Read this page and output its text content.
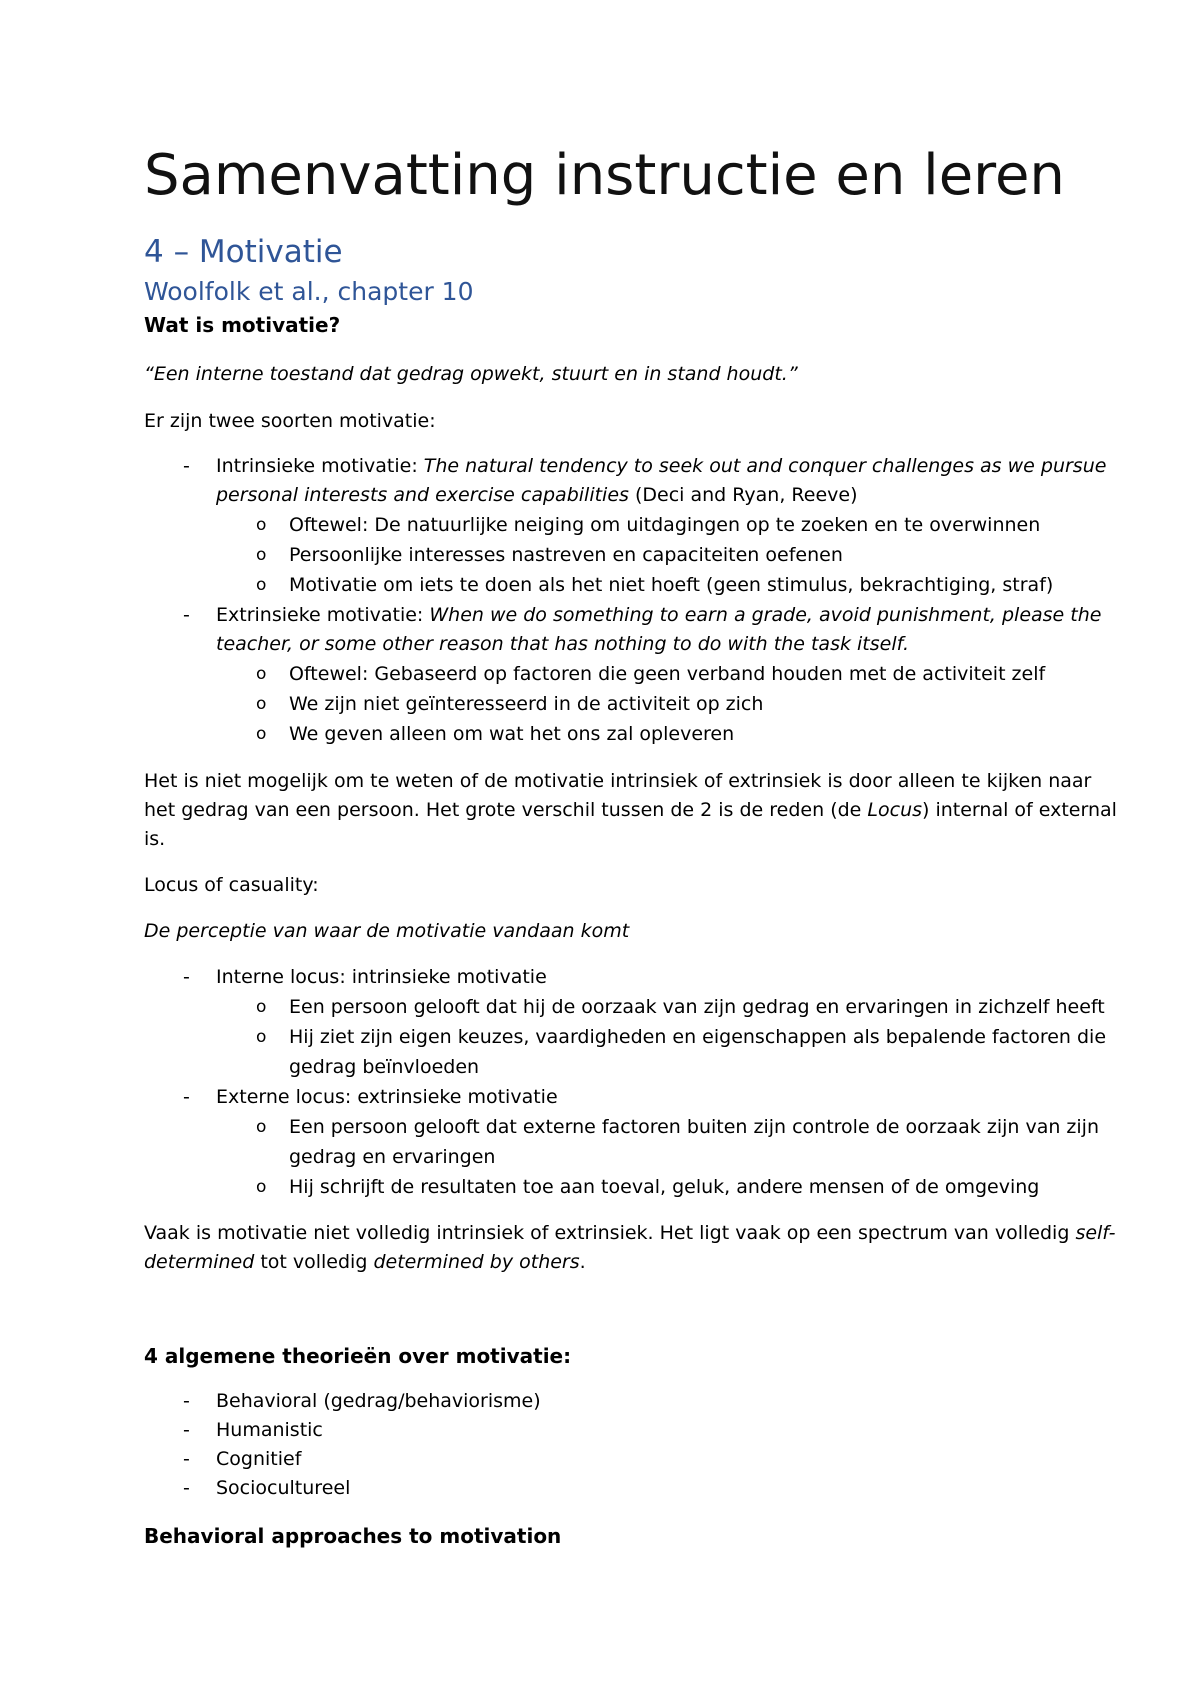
Samenvatting instructie en leren
4 – Motivatie
Woolfolk et al., chapter 10
Wat is motivatie?
“Een interne toestand dat gedrag opwekt, stuurt en in stand houdt.”
Er zijn twee soorten motivatie:
- Intrinsieke motivatie: The natural tendency to seek out and conquer challenges as we pursue
personal interests and exercise capabilities (Deci and Ryan, Reeve)
o Oftewel: De natuurlijke neiging om uitdagingen op te zoeken en te overwinnen
o Persoonlijke interesses nastreven en capaciteiten oefenen
o Motivatie om iets te doen als het niet hoeft (geen stimulus, bekrachtiging, straf)
- Extrinsieke motivatie: When we do something to earn a grade, avoid punishment, please the
teacher, or some other reason that has nothing to do with the task itself.
o Oftewel: Gebaseerd op factoren die geen verband houden met de activiteit zelf
o We zijn niet geïnteresseerd in de activiteit op zich
o We geven alleen om wat het ons zal opleveren
Het is niet mogelijk om te weten of de motivatie intrinsiek of extrinsiek is door alleen te kijken naar
het gedrag van een persoon. Het grote verschil tussen de 2 is de reden (de Locus) internal of external
is.
Locus of casuality:
De perceptie van waar de motivatie vandaan komt
- Interne locus: intrinsieke motivatie
o Een persoon gelooft dat hij de oorzaak van zijn gedrag en ervaringen in zichzelf heeft
o Hij ziet zijn eigen keuzes, vaardigheden en eigenschappen als bepalende factoren die
gedrag beïnvloeden
- Externe locus: extrinsieke motivatie
o Een persoon gelooft dat externe factoren buiten zijn controle de oorzaak zijn van zijn
gedrag en ervaringen
o Hij schrijft de resultaten toe aan toeval, geluk, andere mensen of de omgeving
Vaak is motivatie niet volledig intrinsiek of extrinsiek. Het ligt vaak op een spectrum van volledig self-
determined tot volledig determined by others.
4 algemene theorieën over motivatie:
- Behavioral (gedrag/behaviorisme)
- Humanistic
- Cognitief
- Sociocultureel
Behavioral approaches to motivation
